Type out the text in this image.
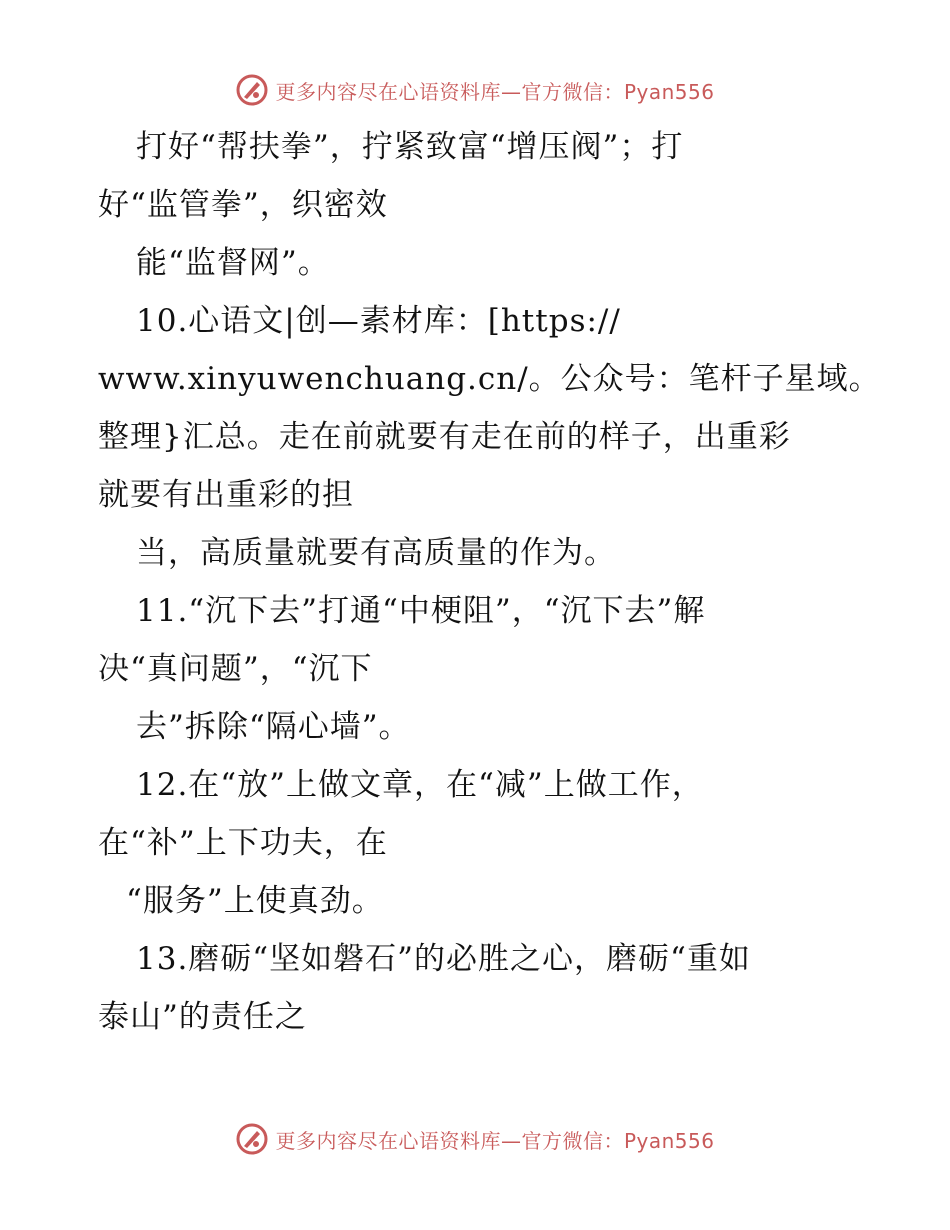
更多内容尽在心语资料库—官方微信：Pyan556
打好“帮扶拳”，拧紧致富“增压阀”；打
好“监管拳”，织密效
能“监督网”。
10.心语文|创—素材库：[https://
www.xinyuwenchuang.cn/。公众号：笔杆子星域。
整理}汇总。走在前就要有走在前的样子，出重彩
就要有出重彩的担
当，高质量就要有高质量的作为。
11.“沉下去”打通“中梗阻”，“沉下去”解
决“真问题”，“沉下
去”拆除“隔心墙”。
12.在“放”上做文章，在“减”上做工作，
在“补”上下功夫，在
“服务”上使真劲。
13.磨砺“坚如磐石”的必胜之心，磨砺“重如
泰山”的责任之
更多内容尽在心语资料库—官方微信：Pyan556
